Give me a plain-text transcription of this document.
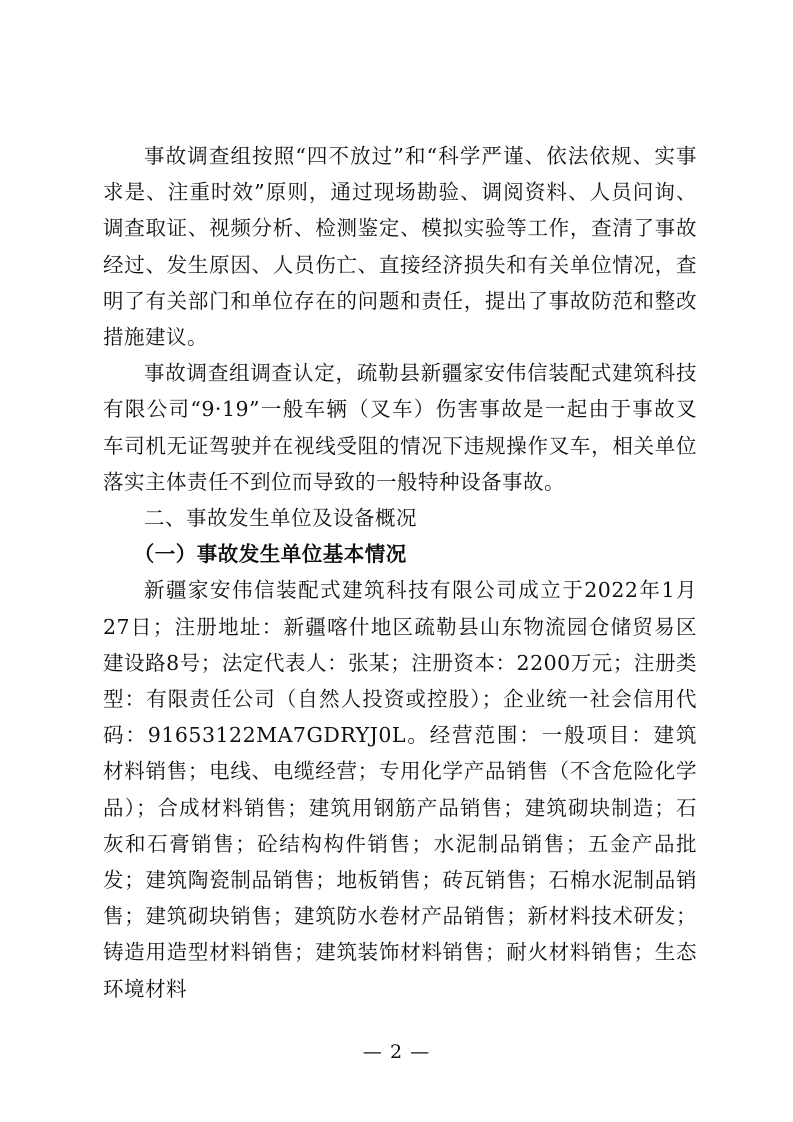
事故调查组按照“四不放过”和“科学严谨、依法依规、实事求是、注重时效”原则，通过现场勘验、调阅资料、人员问询、调查取证、视频分析、检测鉴定、模拟实验等工作，查清了事故经过、发生原因、人员伤亡、直接经济损失和有关单位情况，查明了有关部门和单位存在的问题和责任，提出了事故防范和整改措施建议。

事故调查组调查认定，疏勒县新疆家安伟信装配式建筑科技有限公司“9·19”一般车辆（叉车）伤害事故是一起由于事故叉车司机无证驾驶并在视线受阻的情况下违规操作叉车，相关单位落实主体责任不到位而导致的一般特种设备事故。

二、事故发生单位及设备概况
（一）事故发生单位基本情况

新疆家安伟信装配式建筑科技有限公司成立于2022年1月27日；注册地址：新疆喀什地区疏勒县山东物流园仓储贸易区建设路8号；法定代表人：张某；注册资本：2200万元；注册类型：有限责任公司（自然人投资或控股）；企业统一社会信用代码：91653122MA7GDRYJ0L。经营范围：一般项目：建筑材料销售；电线、电缆经营；专用化学产品销售（不含危险化学品）；合成材料销售；建筑用钢筋产品销售；建筑砌块制造；石灰和石膏销售；砼结构构件销售；水泥制品销售；五金产品批发；建筑陶瓷制品销售；地板销售；砖瓦销售；石棉水泥制品销售；建筑砌块销售；建筑防水卷材产品销售；新材料技术研发；铸造用造型材料销售；建筑装饰材料销售；耐火材料销售；生态环境材料

— 2 —
